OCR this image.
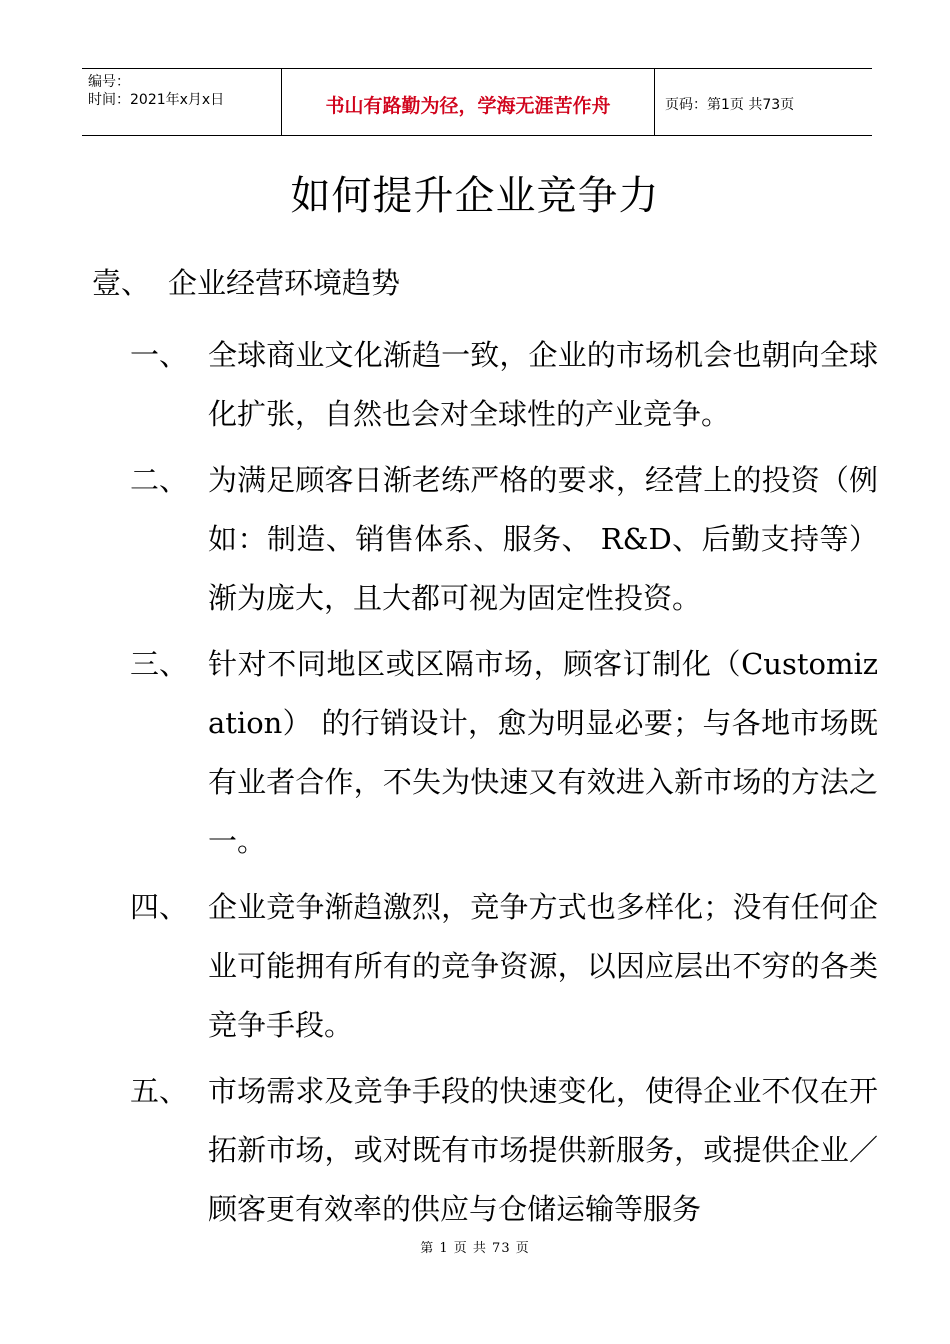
编号：
时间：2021年x月x日	书山有路勤为径，学海无涯苦作舟	页码：第1页 共73页
如何提升企业竞争力
壹、 企业经营环境趋势
一、 全球商业文化渐趋一致，企业的市场机会也朝向全球化扩张，自然也会对全球性的产业竞争。
二、 为满足顾客日渐老练严格的要求，经营上的投资（例如：制造、销售体系、服务、 R&D、后勤支持等）渐为庞大，且大都可视为固定性投资。
三、 针对不同地区或区隔市场，顾客订制化（Customization） 的行销设计，愈为明显必要；与各地市场既有业者合作，不失为快速又有效进入新市场的方法之一。
四、 企业竞争渐趋激烈，竞争方式也多样化；没有任何企业可能拥有所有的竞争资源，以因应层出不穷的各类竞争手段。
五、 市场需求及竞争手段的快速变化，使得企业不仅在开拓新市场，或对既有市场提供新服务，或提供企业／顾客更有效率的供应与仓储运输等服务
第 1 页 共 73 页
